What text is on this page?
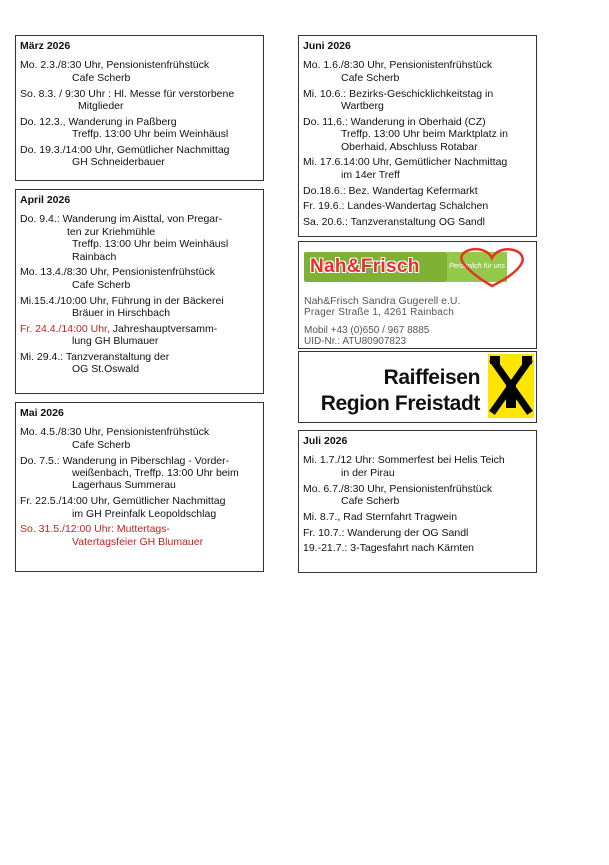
März 2026
Mo. 2.3./8:30 Uhr, Pensionistenfrühstück
Cafe Scherb
So. 8.3. / 9:30 Uhr : Hl. Messe für verstorbene
Mitglieder
Do. 12.3., Wanderung in Paßberg
Treffp. 13:00 Uhr beim Weinhäusl
Do. 19.3./14:00 Uhr, Gemütlicher Nachmittag
GH Schneiderbauer
April 2026
Do. 9.4.: Wanderung im Aisttal, von Pregar-
ten zur Kriehmühle
Treffp. 13:00 Uhr beim Weinhäusl
Rainbach
Mo. 13.4./8:30 Uhr, Pensionistenfrühstück
Cafe Scherb
Mi.15.4./10:00 Uhr, Führung in der Bäckerei
Bräuer in Hirschbach
Fr. 24.4./14:00 Uhr, Jahreshauptversamm-
lung GH Blumauer
Mi. 29.4.: Tanzveranstaltung der
OG St.Oswald
Mai 2026
Mo. 4.5./8:30 Uhr, Pensionistenfrühstück
Cafe Scherb
Do. 7.5.: Wanderung in Piberschlag - Vorder-
weißenbach, Treffp. 13:00 Uhr beim
Lagerhaus Summerau
Fr. 22.5./14:00 Uhr, Gemütlicher Nachmittag
im GH Preinfalk Leopoldschlag
So. 31.5./12:00 Uhr: Muttertags-
Vatertagsfeier GH Blumauer
Juni 2026
Mo. 1.6./8:30 Uhr, Pensionistenfrühstück
Cafe Scherb
Mi. 10.6.: Bezirks-Geschicklichkeitstag in
Wartberg
Do. 11.6.: Wanderung in Oberhaid (CZ)
Treffp. 13:00 Uhr beim Marktplatz in
Oberhaid, Abschluss Rotabar
Mi. 17.6.14:00 Uhr, Gemütlicher Nachmittag
im 14er Treff
Do.18.6.: Bez. Wandertag Kefermarkt
Fr. 19.6.: Landes-Wandertag Schalchen
Sa. 20.6.: Tanzveranstaltung OG Sandl
Nah&Frisch	Persönlich für uns da!
Nah&Frisch Sandra Gugerell e.U.
Prager Straße 1, 4261 Rainbach
Mobil +43 (0)650 / 967 8885
UID-Nr.: ATU80907823
Raiffeisen
Region Freistadt
Juli 2026
Mi. 1.7./12 Uhr: Sommerfest bei Helis Teich
in der Pirau
Mo. 6.7./8:30 Uhr, Pensionistenfrühstück
Cafe Scherb
Mi. 8.7., Rad Sternfahrt Tragwein
Fr. 10.7.: Wanderung der OG Sandl
19.-21.7.: 3-Tagesfahrt nach Kärnten
